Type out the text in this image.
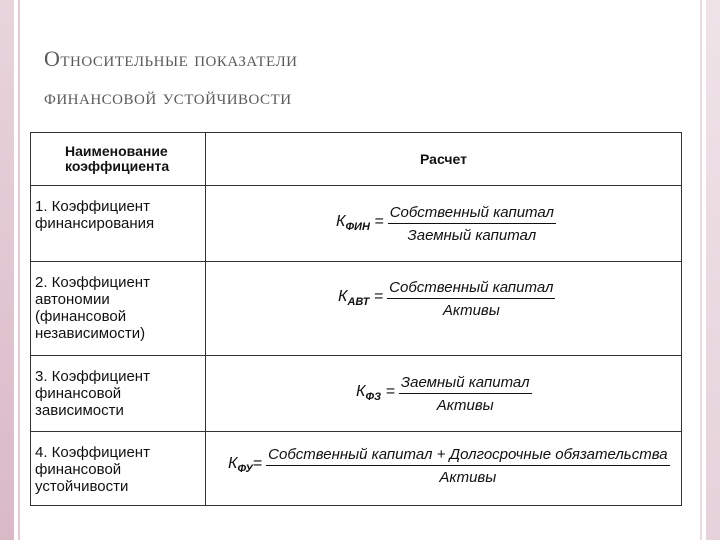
Относительные показатели
финансовой устойчивости
Наименование коэффициента	Расчет
1. Коэффициент финансирования	$К_{ФИН} = \frac{\text{Собственный капитал}}{\text{Заемный капитал}}$

2. Коэффициент автономии (финансовой независимости)	$К_{АВТ} = \frac{\text{Собственный капитал}}{\text{Активы}}$

3. Коэффициент финансовой зависимости	$К_{ФЗ} = \frac{\text{Заемный капитал}}{\text{Активы}}$

4. Коэффициент финансовой устойчивости	$К_{ФУ}= \frac{\text{Собственный капитал + Долгосрочные обязательства}}{\text{Активы}}$
